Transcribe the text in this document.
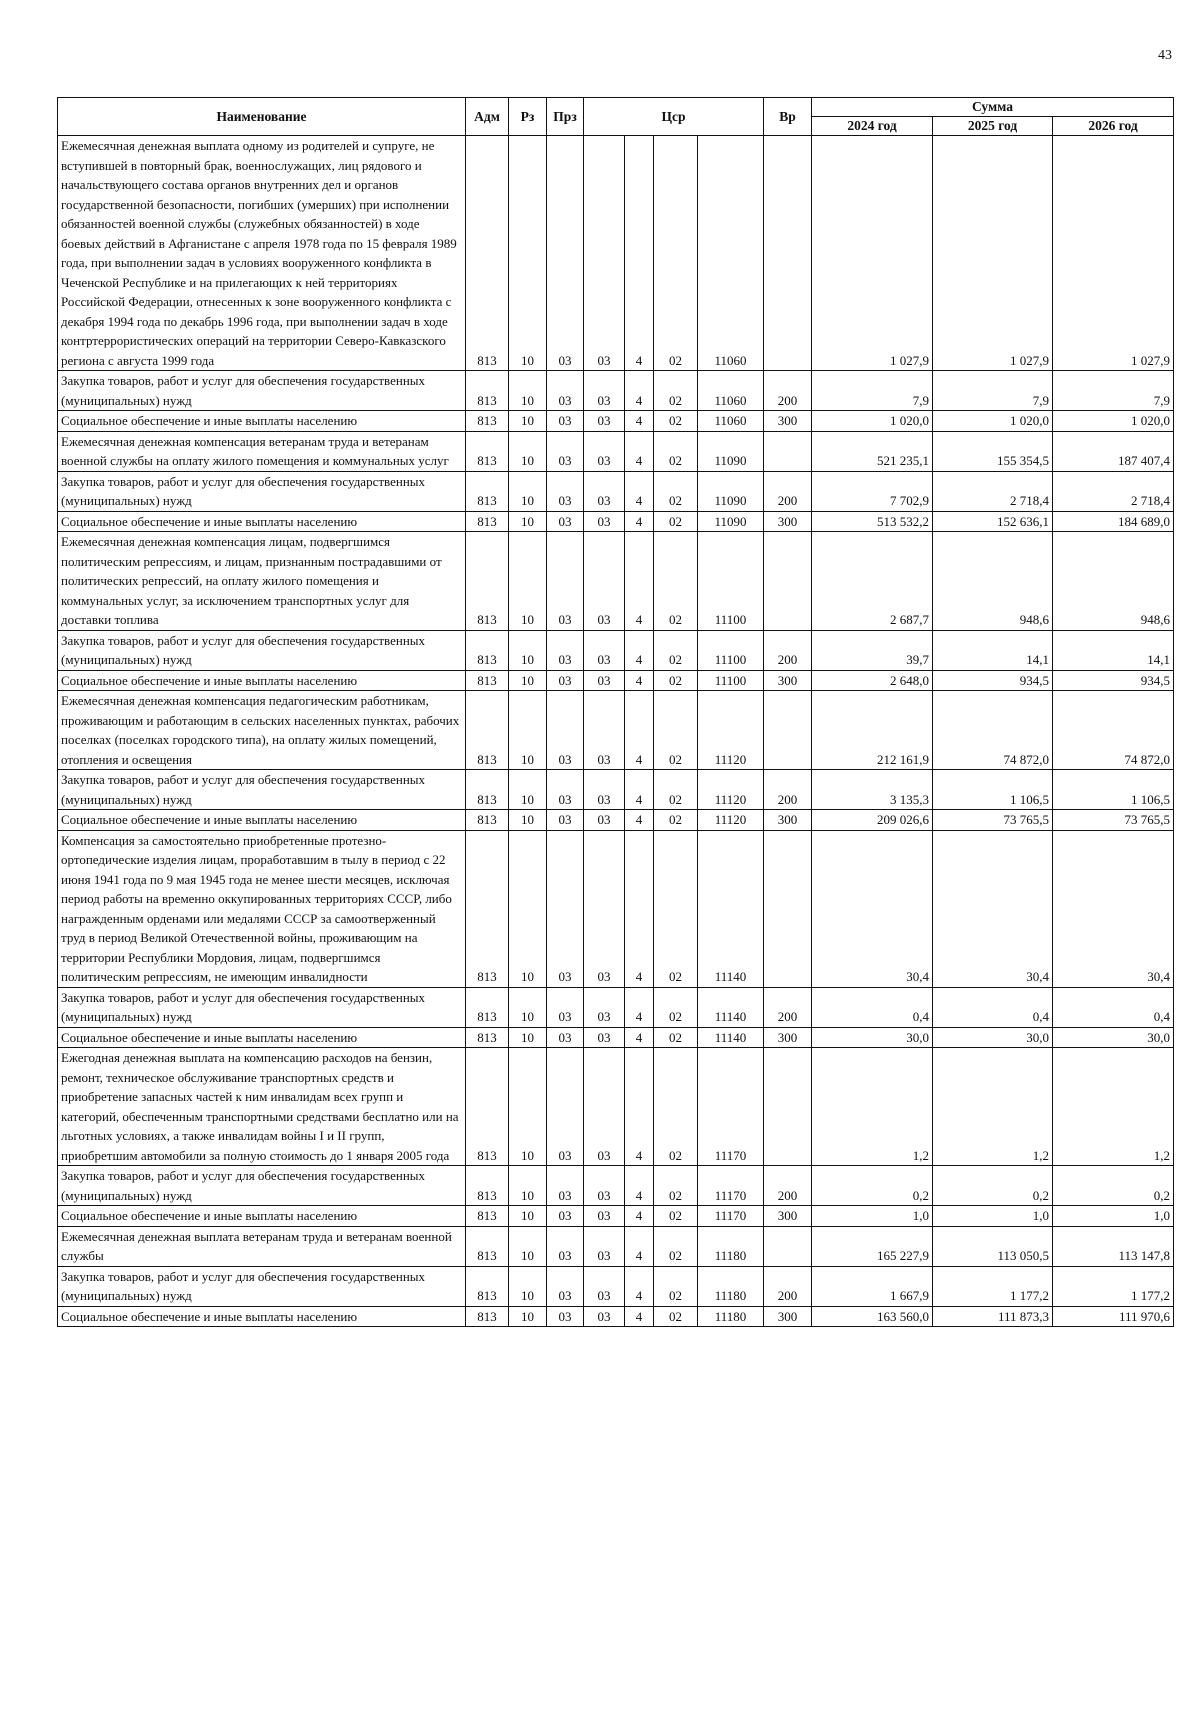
43
Наименование	Адм	Рз	Прз	Цср				Вр	Сумма		
									2024 год	2025 год	2026 год
Ежемесячная денежная выплата одному из родителей и супруге, не вступившей в повторный брак, военнослужащих, лиц рядового и начальствующего состава органов внутренних дел и органов государственной безопасности, погибших (умерших) при исполнении обязанностей военной службы (служебных обязанностей) в ходе боевых действий в Афганистане с апреля 1978 года по 15 февраля 1989 года, при выполнении задач в условиях вооруженного конфликта в Чеченской Республике и на прилегающих к ней территориях Российской Федерации, отнесенных к зоне вооруженного конфликта с декабря 1994 года по декабрь 1996 года, при выполнении задач в ходе контртеррористических операций на территории Северо-Кавказского региона с августа 1999 года	813	10	03	03	4	02	11060		1 027,9	1 027,9	1 027,9
Закупка товаров, работ и услуг для обеспечения государственных (муниципальных) нужд	813	10	03	03	4	02	11060	200	7,9	7,9	7,9
Социальное обеспечение и иные выплаты населению	813	10	03	03	4	02	11060	300	1 020,0	1 020,0	1 020,0
Ежемесячная денежная компенсация ветеранам труда и ветеранам военной службы на оплату жилого помещения и коммунальных услуг	813	10	03	03	4	02	11090		521 235,1	155 354,5	187 407,4
Закупка товаров, работ и услуг для обеспечения государственных (муниципальных) нужд	813	10	03	03	4	02	11090	200	7 702,9	2 718,4	2 718,4
Социальное обеспечение и иные выплаты населению	813	10	03	03	4	02	11090	300	513 532,2	152 636,1	184 689,0
Ежемесячная денежная компенсация лицам, подвергшимся политическим репрессиям, и лицам, признанным пострадавшими от политических репрессий, на оплату жилого помещения и коммунальных услуг, за исключением транспортных услуг для доставки топлива	813	10	03	03	4	02	11100		2 687,7	948,6	948,6
Закупка товаров, работ и услуг для обеспечения государственных (муниципальных) нужд	813	10	03	03	4	02	11100	200	39,7	14,1	14,1
Социальное обеспечение и иные выплаты населению	813	10	03	03	4	02	11100	300	2 648,0	934,5	934,5
Ежемесячная денежная компенсация педагогическим работникам, проживающим и работающим в сельских населенных пунктах, рабочих поселках (поселках городского типа), на оплату жилых помещений, отопления и освещения	813	10	03	03	4	02	11120		212 161,9	74 872,0	74 872,0
Закупка товаров, работ и услуг для обеспечения государственных (муниципальных) нужд	813	10	03	03	4	02	11120	200	3 135,3	1 106,5	1 106,5
Социальное обеспечение и иные выплаты населению	813	10	03	03	4	02	11120	300	209 026,6	73 765,5	73 765,5
Компенсация за самостоятельно приобретенные протезно-ортопедические изделия лицам, проработавшим в тылу в период с 22 июня 1941 года по 9 мая 1945 года не менее шести месяцев, исключая период работы на временно оккупированных территориях СССР, либо награжденным орденами или медалями СССР за самоотверженный труд в период Великой Отечественной войны, проживающим на территории Республики Мордовия, лицам, подвергшимся политическим репрессиям, не имеющим инвалидности	813	10	03	03	4	02	11140		30,4	30,4	30,4
Закупка товаров, работ и услуг для обеспечения государственных (муниципальных) нужд	813	10	03	03	4	02	11140	200	0,4	0,4	0,4
Социальное обеспечение и иные выплаты населению	813	10	03	03	4	02	11140	300	30,0	30,0	30,0
Ежегодная денежная выплата на компенсацию расходов на бензин, ремонт, техническое обслуживание транспортных средств и приобретение запасных частей к ним инвалидам всех групп и категорий, обеспеченным транспортными средствами бесплатно или на льготных условиях, а также инвалидам войны I и II групп, приобретшим автомобили за полную стоимость до 1 января 2005 года	813	10	03	03	4	02	11170		1,2	1,2	1,2
Закупка товаров, работ и услуг для обеспечения государственных (муниципальных) нужд	813	10	03	03	4	02	11170	200	0,2	0,2	0,2
Социальное обеспечение и иные выплаты населению	813	10	03	03	4	02	11170	300	1,0	1,0	1,0
Ежемесячная денежная выплата ветеранам труда и ветеранам военной службы	813	10	03	03	4	02	11180		165 227,9	113 050,5	113 147,8
Закупка товаров, работ и услуг для обеспечения государственных (муниципальных) нужд	813	10	03	03	4	02	11180	200	1 667,9	1 177,2	1 177,2
Социальное обеспечение и иные выплаты населению	813	10	03	03	4	02	11180	300	163 560,0	111 873,3	111 970,6
